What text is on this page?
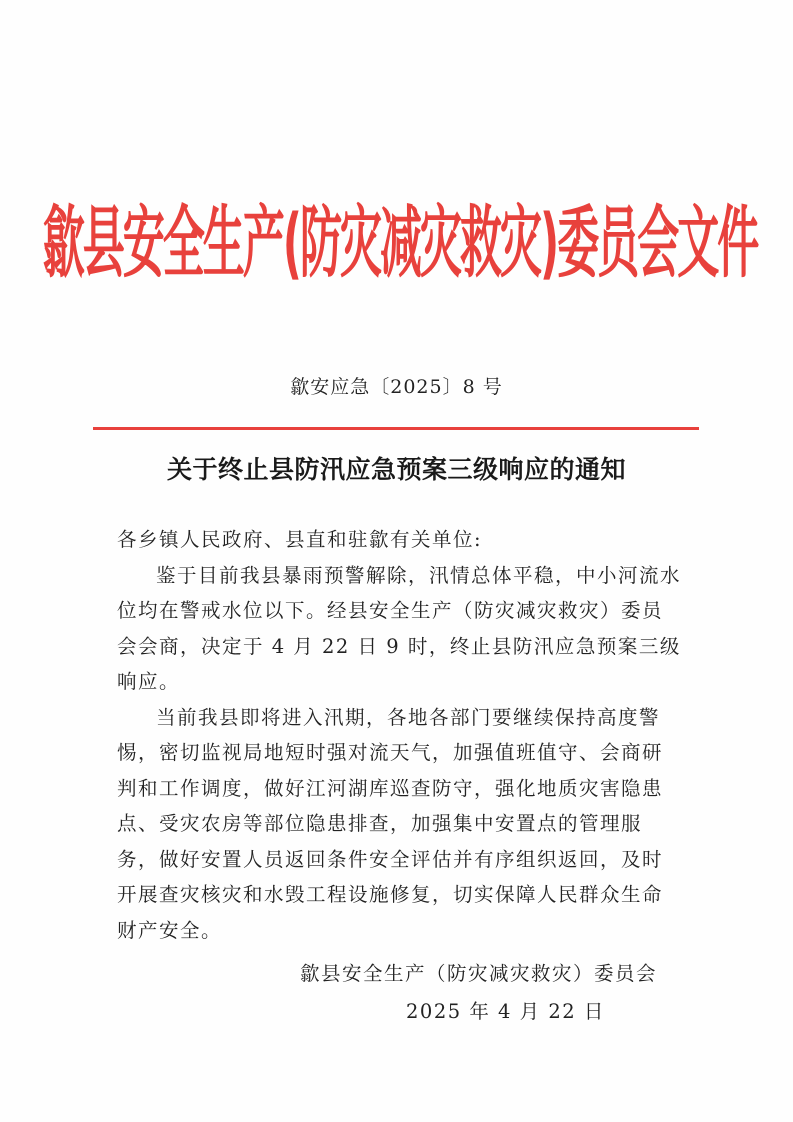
歙县安全生产(防灾减灾救灾)委员会文件
歙安应急〔2025〕8 号
关于终止县防汛应急预案三级响应的通知

各乡镇人民政府、县直和驻歙有关单位:

鉴于目前我县暴雨预警解除，汛情总体平稳，中小河流水位均在警戒水位以下。经县安全生产（防灾减灾救灾）委员会会商，决定于 4 月 22 日 9 时，终止县防汛应急预案三级响应。

当前我县即将进入汛期，各地各部门要继续保持高度警惕，密切监视局地短时强对流天气，加强值班值守、会商研判和工作调度，做好江河湖库巡查防守，强化地质灾害隐患点、受灾农房等部位隐患排查，加强集中安置点的管理服务，做好安置人员返回条件安全评估并有序组织返回，及时开展查灾核灾和水毁工程设施修复，切实保障人民群众生命财产安全。

歙县安全生产（防灾减灾救灾）委员会

2025 年 4 月 22 日
